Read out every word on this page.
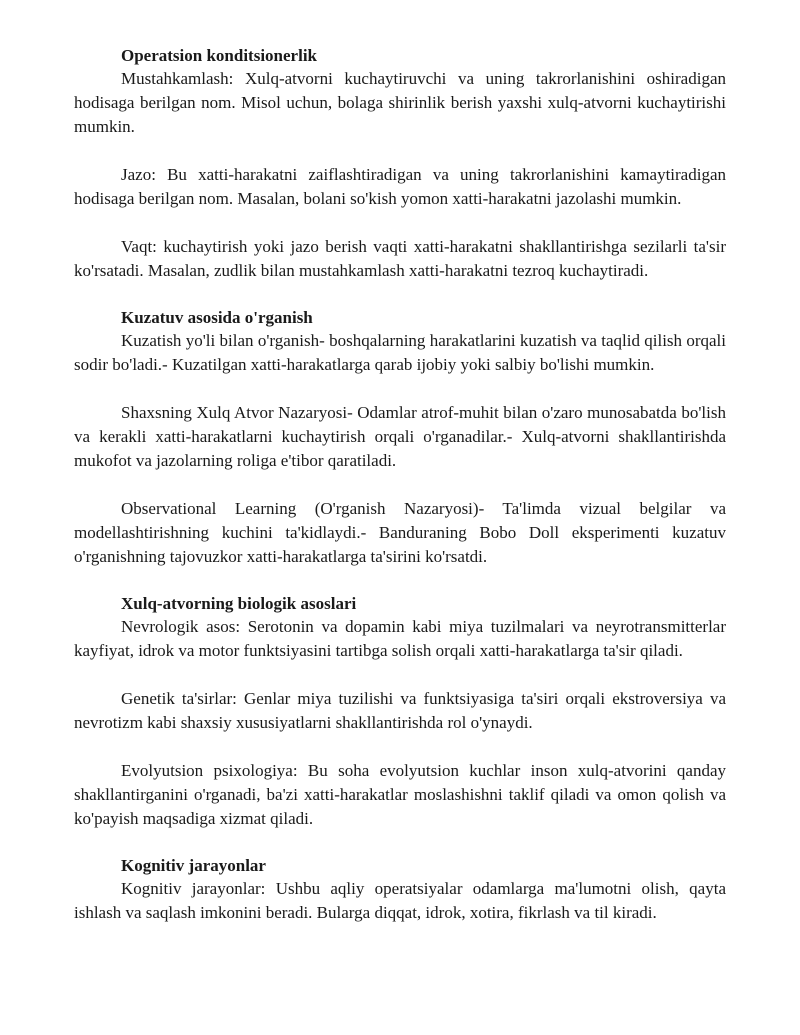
Operatsion konditsionerlik

Mustahkamlash: Xulq-atvorni kuchaytiruvchi va uning takrorlanishini oshiradigan hodisaga berilgan nom. Misol uchun, bolaga shirinlik berish yaxshi xulq-atvorni kuchaytirishi mumkin.

Jazo: Bu xatti-harakatni zaiflashtiradigan va uning takrorlanishini kamaytiradigan hodisaga berilgan nom. Masalan, bolani so'kish yomon xatti-harakatni jazolashi mumkin.

Vaqt: kuchaytirish yoki jazo berish vaqti xatti-harakatni shakllantirishga sezilarli ta'sir ko'rsatadi. Masalan, zudlik bilan mustahkamlash xatti-harakatni tezroq kuchaytiradi.

Kuzatuv asosida o'rganish

Kuzatish yo'li bilan o'rganish- boshqalarning harakatlarini kuzatish va taqlid qilish orqali sodir bo'ladi.- Kuzatilgan xatti-harakatlarga qarab ijobiy yoki salbiy bo'lishi mumkin.

Shaxsning Xulq Atvor Nazaryosi- Odamlar atrof-muhit bilan o'zaro munosabatda bo'lish va kerakli xatti-harakatlarni kuchaytirish orqali o'rganadilar.- Xulq-atvorni shakllantirishda mukofot va jazolarning roliga e'tibor qaratiladi.

Observational Learning (O'rganish Nazaryosi)- Ta'limda vizual belgilar va modellashtirishning kuchini ta'kidlaydi.- Banduraning Bobo Doll eksperimenti kuzatuv o'rganishning tajovuzkor xatti-harakatlarga ta'sirini ko'rsatdi.

Xulq-atvorning biologik asoslari

Nevrologik asos: Serotonin va dopamin kabi miya tuzilmalari va neyrotransmitterlar kayfiyat, idrok va motor funktsiyasini tartibga solish orqali xatti-harakatlarga ta'sir qiladi.

Genetik ta'sirlar: Genlar miya tuzilishi va funktsiyasiga ta'siri orqali ekstroversiya va nevrotizm kabi shaxsiy xususiyatlarni shakllantirishda rol o'ynaydi.

Evolyutsion psixologiya: Bu soha evolyutsion kuchlar inson xulq-atvorini qanday shakllantirganini o'rganadi, ba'zi xatti-harakatlar moslashishni taklif qiladi va omon qolish va ko'payish maqsadiga xizmat qiladi.

Kognitiv jarayonlar

Kognitiv jarayonlar: Ushbu aqliy operatsiyalar odamlarga ma'lumotni olish, qayta ishlash va saqlash imkonini beradi. Bularga diqqat, idrok, xotira, fikrlash va til kiradi.
